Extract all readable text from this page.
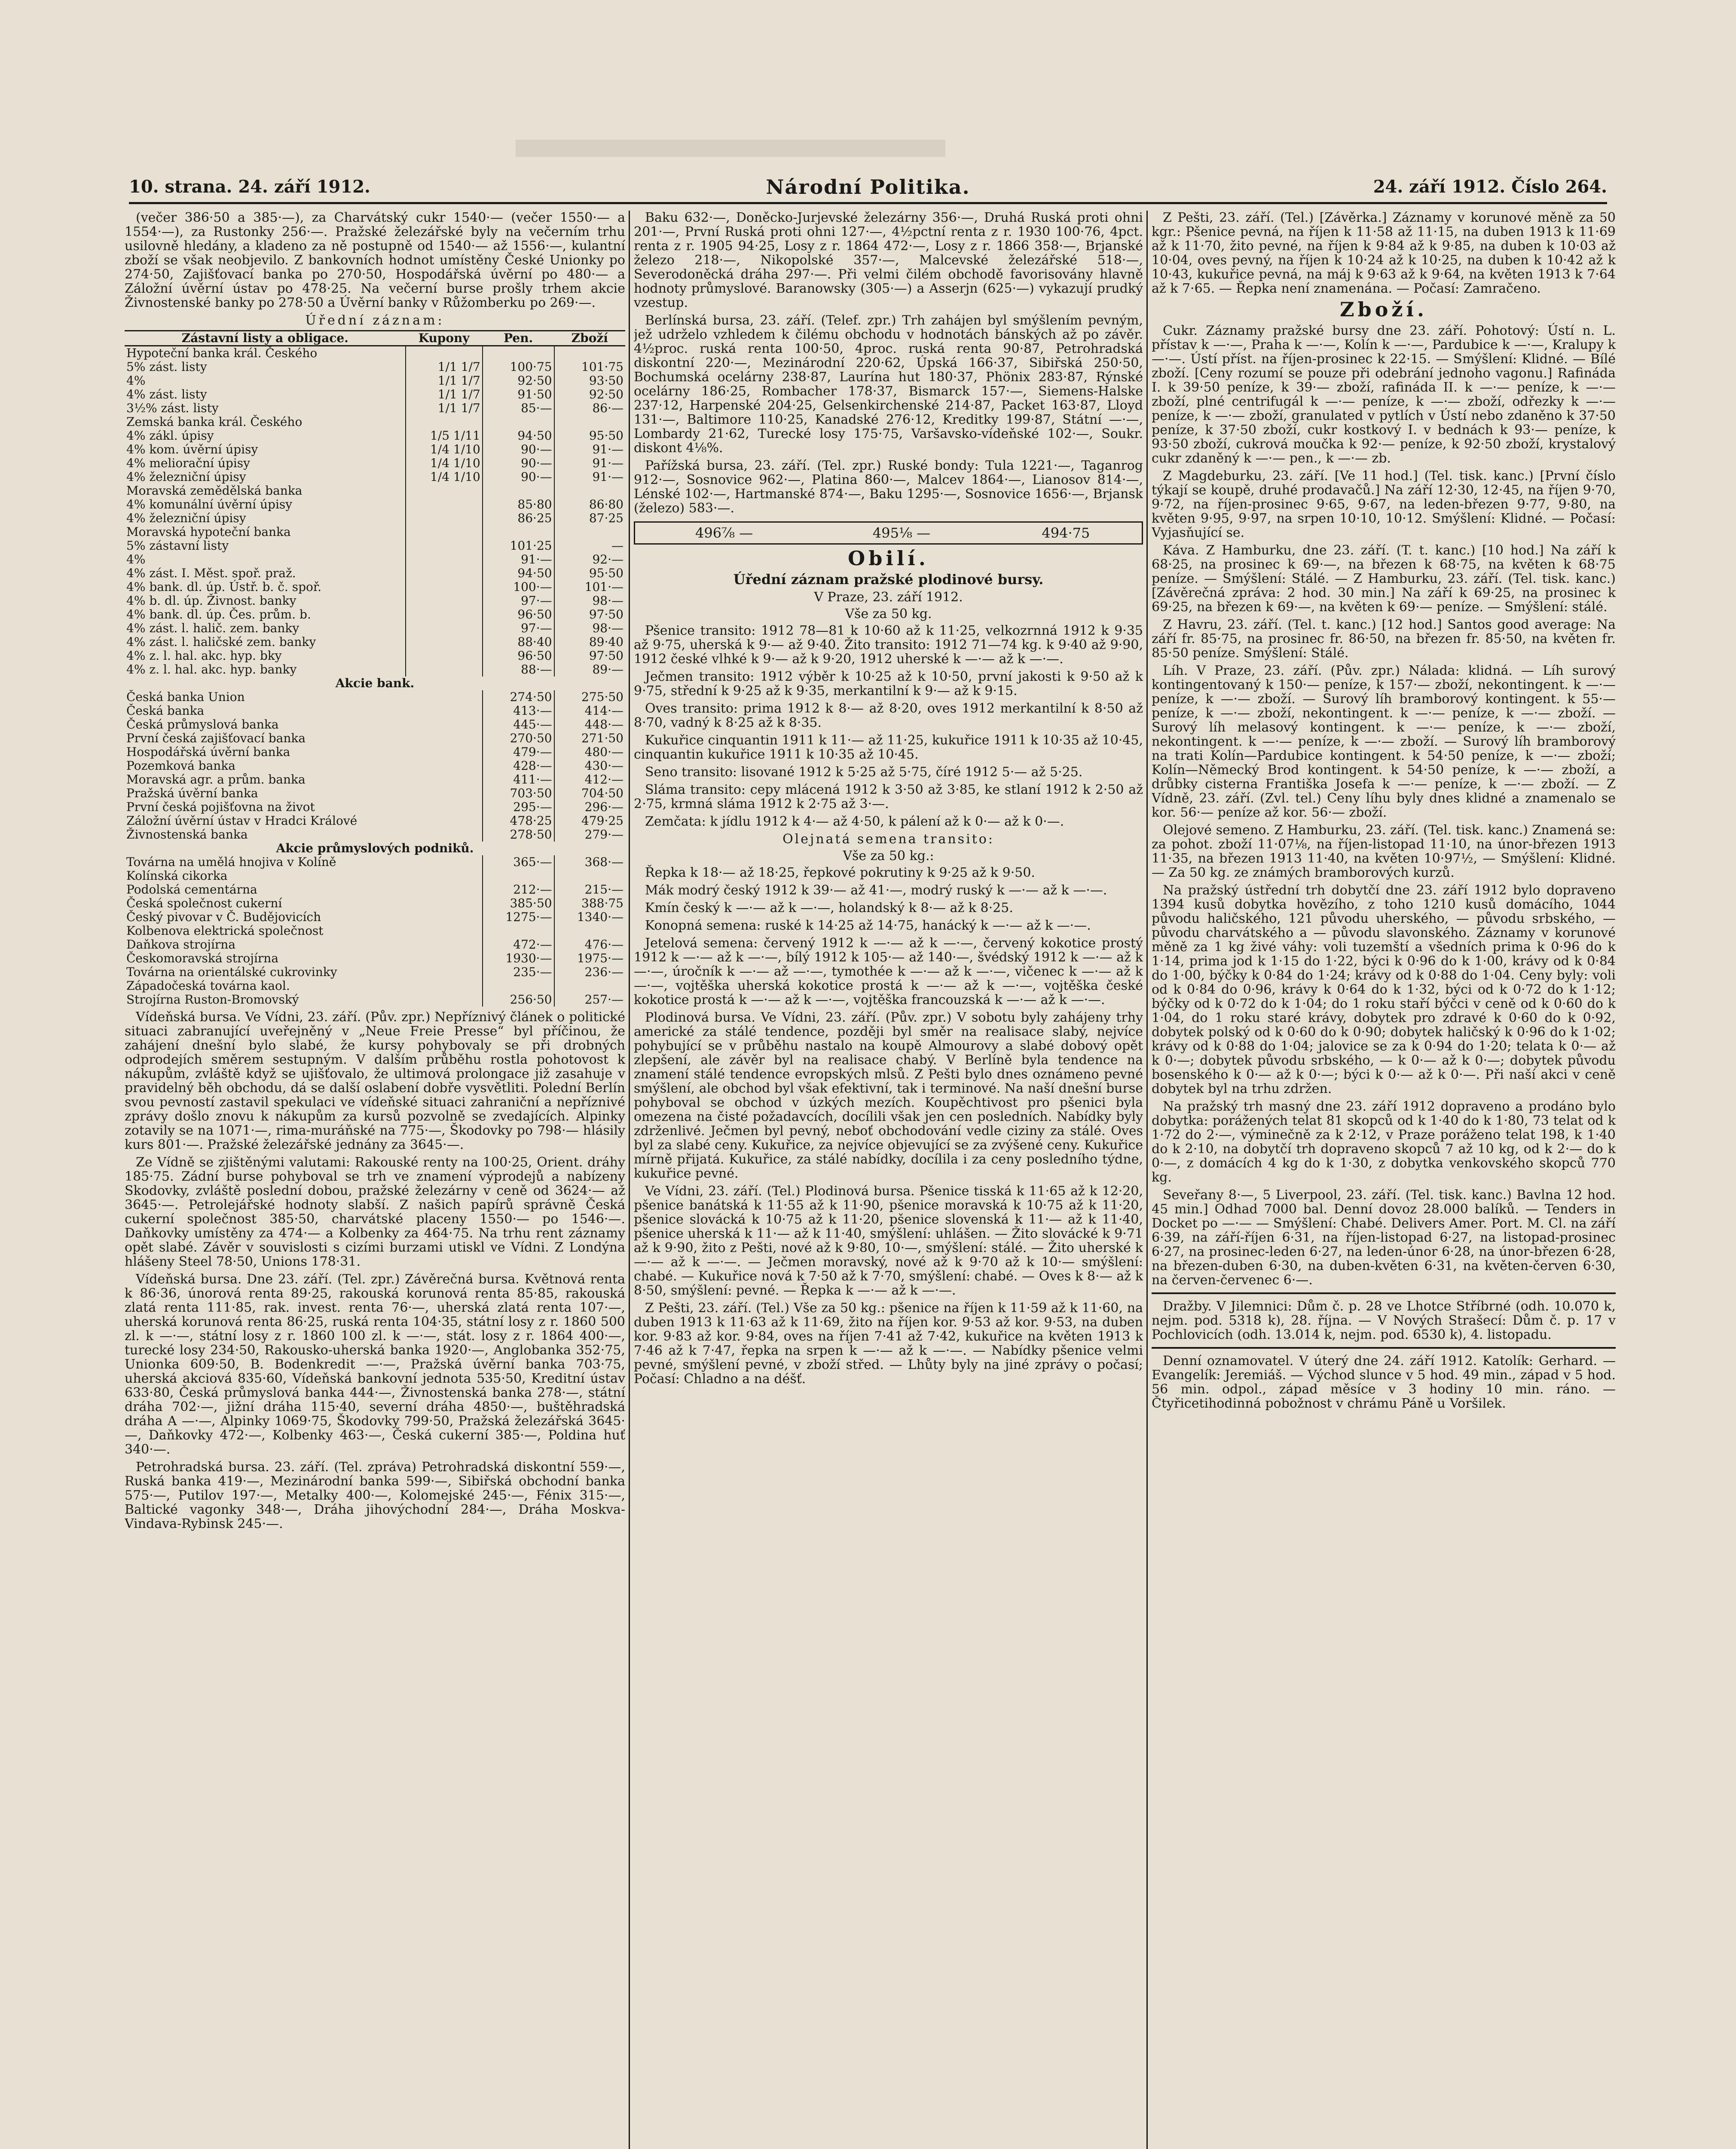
10. strana. 24. září 1912.	Národní Politika.	24. září 1912. Číslo 264.

(večer 386·50 a 385·—), za Charvátský cukr 1540·— (večer 1550·— a 1554·—), za Rustonky 256·—. Pražské železářské byly na večerním trhu usilovně hledány, a kladeno za ně postupně od 1540·— až 1556·—, kulantní zboží se však neobjevilo. Z bankovních hodnot umístěny České Unionky po 274·50, Zajišťovací banka po 270·50, Hospodářská úvěrní po 480·— a Záložní úvěrní ústav po 478·25. Na večerní burse prošly trhem akcie Živnostenské banky po 278·50 a Úvěrní banky v Růžomberku po 269·—.

Úřední záznam:
Zástavní listy a obligace.	Kupony	Pen.	Zboží
Hypoteční banka král. Českého			
5% zást. listy	1/1 1/7	100·75	101·75
4%	1/1 1/7	92·50	93·50
4% zást. listy	1/1 1/7	91·50	92·50
3½% zást. listy	1/1 1/7	85·—	86·—
Zemská banka král. Českého			
4% zákl. úpisy	1/5 1/11	94·50	95·50
4% kom. úvěrní úpisy	1/4 1/10	90·—	91·—
4% meliorační úpisy	1/4 1/10	90·—	91·—
4% železniční úpisy	1/4 1/10	90·—	91·—
Moravská zemědělská banka			
4% komunální úvěrní úpisy		85·80	86·80
4% železniční úpisy		86·25	87·25
Moravská hypoteční banka			
5% zástavní listy		101·25	—
4%		91·—	92·—
4% zást. I. Měst. spoř. praž.		94·50	95·50
4% bank. dl. úp. Ústř. b. č. spoř.		100·—	101·—
4% b. dl. úp. Živnost. banky		97·—	98·—
4% bank. dl. úp. Čes. prům. b.		96·50	97·50
4% zást. l. halič. zem. banky		97·—	98·—
4% zást. l. haličské zem. banky		88·40	89·40
4% z. l. hal. akc. hyp. bky		96·50	97·50
4% z. l. hal. akc. hyp. banky		88·—	89·—
Akcie bank.			
Česká banka Union		274·50	275·50
Česká banka		413·—	414·—
Česká průmyslová banka		445·—	448·—
První česká zajišťovací banka		270·50	271·50
Hospodářská úvěrní banka		479·—	480·—
Pozemková banka		428·—	430·—
Moravská agr. a prům. banka		411·—	412·—
Pražská úvěrní banka		703·50	704·50
První česká pojišťovna na život		295·—	296·—
Záložní úvěrní ústav v Hradci Králové		478·25	479·25
Živnostenská banka		278·50	279·—
Akcie průmyslových podniků.			
Továrna na umělá hnojiva v Kolíně		365·—	368·—
Kolínská cikorka			
Podolská cementárna		212·—	215·—
Česká společnost cukerní		385·50	388·75
Český pivovar v Č. Budějovicích		1275·—	1340·—
Kolbenova elektrická společnost			
Daňkova strojírna		472·—	476·—
Českomoravská strojírna		1930·—	1975·—
Továrna na orientálské cukrovinky		235·—	236·—
Západočeská továrna kaol.			
Strojírna Ruston-Bromovský		256·50	257·—

Vídeňská bursa. Ve Vídni, 23. září. (Pův. zpr.) Nepříznivý článek o politické situaci zabranující uveřejněný v „Neue Freie Presse“ byl příčinou, že zahájení dnešní bylo slabé, že kursy pohybovaly se při drobných odprodejích směrem sestupným. V dalším průběhu rostla pohotovost k nákupům, zvláště když se ujišťovalo, že ultimová prolongace již zasahuje v pravidelný běh obchodu, dá se další oslabení dobře vysvětliti. Polední Berlín svou pevností zastavil spekulaci ve vídeňské situaci zahraniční a nepříznivé zprávy došlo znovu k nákupům za kursů pozvolně se zvedajících. Alpinky zotavily se na 1071·—, rima-muráňské na 775·—, Škodovky po 798·— hlásily kurs 801·—. Pražské železářské jednány za 3645·—.

Ze Vídně se zjištěnými valutami: Rakouské renty na 100·25, Orient. dráhy 185·75. Zádní burse pohyboval se trh ve znamení výprodejů a nabízeny Skodovky, zvláště poslední dobou, pražské železárny v ceně od 3624·— až 3645·—. Petrolejářské hodnoty slabší. Z našich papírů správně Česká cukerní společnost 385·50, charvátské placeny 1550·— po 1546·—. Daňkovky umístěny za 474·— a Kolbenky za 464·75. Na trhu rent záznamy opět slabé. Závěr v souvislosti s cizími burzami utiskl ve Vídni. Z Londýna hlášeny Steel 78·50, Unions 178·31.

Vídeňská bursa. Dne 23. září. (Tel. zpr.) Závěrečná bursa. Květnová renta k 86·36, únorová renta 89·25, rakouská korunová renta 85·85, rakouská zlatá renta 111·85, rak. invest. renta 76·—, uherská zlatá renta 107·—, uherská korunová renta 86·25, ruská renta 104·35, státní losy z r. 1860 500 zl. k —·—, státní losy z r. 1860 100 zl. k —·—, stát. losy z r. 1864 400·—, turecké losy 234·50, Rakousko-uherská banka 1920·—, Anglobanka 352·75, Unionka 609·50, B. Bodenkredit —·—, Pražská úvěrní banka 703·75, uherská akciová 835·60, Vídeňská bankovní jednota 535·50, Kreditní ústav 633·80, Česká průmyslová banka 444·—, Živnostenská banka 278·—, státní dráha 702·—, jižní dráha 115·40, severní dráha 4850·—, buštěhradská dráha A —·—, Alpinky 1069·75, Škodovky 799·50, Pražská železářská 3645·—, Daňkovky 472·—, Kolbenky 463·—, Česká cukerní 385·—, Poldina huť 340·—.

Petrohradská bursa. 23. září. (Tel. zpráva) Petrohradská diskontní 559·—, Ruská banka 419·—, Mezinárodní banka 599·—, Sibiřská obchodní banka 575·—, Putilov 197·—, Metalky 400·—, Kolomejské 245·—, Fénix 315·—, Baltické vagonky 348·—, Dráha jihovýchodní 284·—, Dráha Moskva-Vindava-Rybinsk 245·—.

Baku 632·—, Doněcko-Jurjevské železárny 356·—, Druhá Ruská proti ohni 201·—, První Ruská proti ohni 127·—, 4½pctní renta z r. 1930 100·76, 4pct. renta z r. 1905 94·25, Losy z r. 1864 472·—, Losy z r. 1866 358·—, Brjanské železo 218·—, Nikopolské 357·—, Malcevské železářské 518·—, Severodoněcká dráha 297·—. Při velmi čilém obchodě favorisovány hlavně hodnoty průmyslové. Baranowsky (305·—) a Asserjn (625·—) vykazují prudký vzestup.

Berlínská bursa, 23. září. (Telef. zpr.) Trh zahájen byl smýšlením pevným, jež udrželo vzhledem k čilému obchodu v hodnotách bánských až po závěr. 4½proc. ruská renta 100·50, 4proc. ruská renta 90·87, Petrohradská diskontní 220·—, Mezinárodní 220·62, Úpská 166·37, Sibiřská 250·50, Bochumská ocelárny 238·87, Laurína hut 180·37, Phönix 283·87, Rýnské ocelárny 186·25, Rombacher 178·37, Bismarck 157·—, Siemens-Halske 237·12, Harpenské 204·25, Gelsenkirchenské 214·87, Packet 163·87, Lloyd 131·—, Baltimore 110·25, Kanadské 276·12, Kreditky 199·87, Státní —·—, Lombardy 21·62, Turecké losy 175·75, Varšavsko-vídeňské 102·—, Soukr. diskont 4⅛%.

Pařížská bursa, 23. září. (Tel. zpr.) Ruské bondy: Tula 1221·—, Taganrog 912·—, Sosnovice 962·—, Platina 860·—, Malcev 1864·—, Lianosov 814·—, Lénské 102·—, Hartmanské 874·—, Baku 1295·—, Sosnovice 1656·—, Brjansk (železo) 583·—.

496⅞ —	495⅛ —	494·75
Obilí.
Úřední záznam pražské plodinové bursy.
V Praze, 23. září 1912.
Vše za 50 kg.

Pšenice transito: 1912 78—81 k 10·60 až k 11·25, velkozrnná 1912 k 9·35 až 9·75, uherská k 9·— až 9·40. Žito transito: 1912 71—74 kg. k 9·40 až 9·90, 1912 české vlhké k 9·— až k 9·20, 1912 uherské k —·— až k —·—.

Ječmen transito: 1912 výběr k 10·25 až k 10·50, první jakosti k 9·50 až k 9·75, střední k 9·25 až k 9·35, merkantilní k 9·— až k 9·15.

Oves transito: prima 1912 k 8·— až 8·20, oves 1912 merkantilní k 8·50 až 8·70, vadný k 8·25 až k 8·35.

Kukuřice cinquantin 1911 k 11·— až 11·25, kukuřice 1911 k 10·35 až 10·45, cinquantin kukuřice 1911 k 10·35 až 10·45.

Seno transito: lisované 1912 k 5·25 až 5·75, číré 1912 5·— až 5·25.

Sláma transito: cepy mlácená 1912 k 3·50 až 3·85, ke stlaní 1912 k 2·50 až 2·75, krmná sláma 1912 k 2·75 až 3·—.

Zemčata: k jídlu 1912 k 4·— až 4·50, k pálení až k 0·— až k 0·—.

Olejnatá semena transito:
Vše za 50 kg.:

Řepka k 18·— až 18·25, řepkové pokrutiny k 9·25 až k 9·50.

Mák modrý český 1912 k 39·— až 41·—, modrý ruský k —·— až k —·—.

Kmín český k —·— až k —·—, holandský k 8·— až k 8·25.

Konopná semena: ruské k 14·25 až 14·75, hanácký k —·— až k —·—.

Jetelová semena: červený 1912 k —·— až k —·—, červený kokotice prostý 1912 k —·— až k —·—, bílý 1912 k 105·— až 140·—, švédský 1912 k —·— až k —·—, úročník k —·— až —·—, tymothée k —·— až k —·—, vičenec k —·— až k —·—, vojtěška uherská kokotice prostá k —·— až k —·—, vojtěška české kokotice prostá k —·— až k —·—, vojtěška francouzská k —·— až k —·—.

Plodinová bursa. Ve Vídni, 23. září. (Pův. zpr.) V sobotu byly zahájeny trhy americké za stálé tendence, později byl směr na realisace slabý, nejvíce pohybující se v průběhu nastalo na koupě Almourovy a slabé dobový opět zlepšení, ale závěr byl na realisace chabý. V Berlíně byla tendence na znamení stálé tendence evropských mlsů. Z Pešti bylo dnes oznámeno pevné smýšlení, ale obchod byl však efektivní, tak i terminové. Na naší dnešní burse pohyboval se obchod v úzkých mezích. Koupěchtivost pro pšenici byla omezena na čisté požadavcích, docílili však jen cen posledních. Nabídky byly zdrženlivé. Ječmen byl pevný, neboť obchodování vedle ciziny za stálé. Oves byl za slabé ceny. Kukuřice, za nejvíce objevující se za zvýšené ceny. Kukuřice mírně přijatá. Kukuřice, za stálé nabídky, docílila i za ceny posledního týdne, kukuřice pevné.

Ve Vídni, 23. září. (Tel.) Plodinová bursa. Pšenice tisská k 11·65 až k 12·20, pšenice banátská k 11·55 až k 11·90, pšenice moravská k 10·75 až k 11·20, pšenice slovácká k 10·75 až k 11·20, pšenice slovenská k 11·— až k 11·40, pšenice uherská k 11·— až k 11·40, smýšlení: uhlášen. — Žito slovácké k 9·71 až k 9·90, žito z Pešti, nové až k 9·80, 10·—, smýšlení: stálé. — Žito uherské k —·— až k —·—. — Ječmen moravský, nové až k 9·70 až k 10·— smýšlení: chabé. — Kukuřice nová k 7·50 až k 7·70, smýšlení: chabé. — Oves k 8·— až k 8·50, smýšlení: pevné. — Řepka k —·— až k —·—.

Z Pešti, 23. září. (Tel.) Vše za 50 kg.: pšenice na říjen k 11·59 až k 11·60, na duben 1913 k 11·63 až k 11·69, žito na říjen kor. 9·53 až kor. 9·53, na duben kor. 9·83 až kor. 9·84, oves na říjen 7·41 až 7·42, kukuřice na květen 1913 k 7·46 až k 7·47, řepka na srpen k —·— až k —·—. — Nabídky pšenice velmi pevné, smýšlení pevné, v zboží střed. — Lhůty byly na jiné zprávy o počasí; Počasí: Chladno a na déšť.

Z Pešti, 23. září. (Tel.) [Závěrka.] Záznamy v korunové měně za 50 kgr.: Pšenice pevná, na říjen k 11·58 až 11·15, na duben 1913 k 11·69 až k 11·70, žito pevné, na říjen k 9·84 až k 9·85, na duben k 10·03 až 10·04, oves pevný, na říjen k 10·24 až k 10·25, na duben k 10·42 až k 10·43, kukuřice pevná, na máj k 9·63 až k 9·64, na květen 1913 k 7·64 až k 7·65. — Řepka není znamenána. — Počasí: Zamračeno.

Zboží.

Cukr. Záznamy pražské bursy dne 23. září. Pohotový: Ústí n. L. přístav k —·—, Praha k —·—, Kolín k —·—, Pardubice k —·—, Kralupy k —·—. Ústí příst. na říjen-prosinec k 22·15. — Smýšlení: Klidné. — Bílé zboží. [Ceny rozumí se pouze při odebrání jednoho vagonu.] Rafináda I. k 39·50 peníze, k 39·— zboží, rafináda II. k —·— peníze, k —·— zboží, plné centrifugál k —·— peníze, k —·— zboží, odřezky k —·— peníze, k —·— zboží, granulated v pytlích v Ústí nebo zdaněno k 37·50 peníze, k 37·50 zboží, cukr kostkový I. v bednách k 93·— peníze, k 93·50 zboží, cukrová moučka k 92·— peníze, k 92·50 zboží, krystalový cukr zdaněný k —·— pen., k —·— zb.

Z Magdeburku, 23. září. [Ve 11 hod.] (Tel. tisk. kanc.) [První číslo týkají se koupě, druhé prodavačů.] Na září 12·30, 12·45, na říjen 9·70, 9·72, na říjen-prosinec 9·65, 9·67, na leden-březen 9·77, 9·80, na květen 9·95, 9·97, na srpen 10·10, 10·12. Smýšlení: Klidné. — Počasí: Vyjasňující se.

Káva. Z Hamburku, dne 23. září. (T. t. kanc.) [10 hod.] Na září k 68·25, na prosinec k 69·—, na březen k 68·75, na květen k 68·75 peníze. — Smýšlení: Stálé. — Z Hamburku, 23. září. (Tel. tisk. kanc.) [Závěrečná zpráva: 2 hod. 30 min.] Na září k 69·25, na prosinec k 69·25, na březen k 69·—, na květen k 69·— peníze. — Smýšlení: stálé.

Z Havru, 23. září. (Tel. t. kanc.) [12 hod.] Santos good average: Na září fr. 85·75, na prosinec fr. 86·50, na březen fr. 85·50, na květen fr. 85·50 peníze. Smýšlení: Stálé.

Líh. V Praze, 23. září. (Pův. zpr.) Nálada: klidná. — Líh surový kontingentovaný k 150·— peníze, k 157·— zboží, nekontingent. k —·— peníze, k —·— zboží. — Surový líh bramborový kontingent. k 55·— peníze, k —·— zboží, nekontingent. k —·— peníze, k —·— zboží. — Surový líh melasový kontingent. k —·— peníze, k —·— zboží, nekontingent. k —·— peníze, k —·— zboží. — Surový líh bramborový na trati Kolín—Pardubice kontingent. k 54·50 peníze, k —·— zboží; Kolín—Německý Brod kontingent. k 54·50 peníze, k —·— zboží, a drůbky cisterna Františka Josefa k —·— peníze, k —·— zboží. — Z Vídně, 23. září. (Zvl. tel.) Ceny líhu byly dnes klidné a znamenalo se kor. 56·— peníze až kor. 56·— zboží.

Olejové semeno. Z Hamburku, 23. září. (Tel. tisk. kanc.) Znamená se: za pohot. zboží 11·07⅛, na říjen-listopad 11·10, na únor-březen 1913 11·35, na březen 1913 11·40, na květen 10·97½, — Smýšlení: Klidné. — Za 50 kg. ze známých bramborových kurzů.

Na pražský ústřední trh dobytčí dne 23. září 1912 bylo dopraveno 1394 kusů dobytka hovězího, z toho 1210 kusů domácího, 1044 původu haličského, 121 původu uherského, — původu srbského, — původu charvátského a — původu slavonského. Záznamy v korunové měně za 1 kg živé váhy: voli tuzemští a všedních prima k 0·96 do k 1·14, prima jod k 1·15 do 1·22, býci k 0·96 do k 1·00, krávy od k 0·84 do 1·00, býčky k 0·84 do 1·24; krávy od k 0·88 do 1·04. Ceny byly: voli od k 0·84 do 0·96, krávy k 0·64 do k 1·32, býci od k 0·72 do k 1·12; býčky od k 0·72 do k 1·04; do 1 roku staří býčci v ceně od k 0·60 do k 1·04, do 1 roku staré krávy, dobytek pro zdravé k 0·60 do k 0·92, dobytek polský od k 0·60 do k 0·90; dobytek haličský k 0·96 do k 1·02; krávy od k 0·88 do 1·04; jalovice se za k 0·94 do 1·20; telata k 0·— až k 0·—; dobytek původu srbského, — k 0·— až k 0·—; dobytek původu bosenského k 0·— až k 0·—; býci k 0·— až k 0·—. Při naší akci v ceně dobytek byl na trhu zdržen.

Na pražský trh masný dne 23. září 1912 dopraveno a prodáno bylo dobytka: porážených telat 81 skopců od k 1·40 do k 1·80, 73 telat od k 1·72 do 2·—, výminečně za k 2·12, v Praze poráženo telat 198, k 1·40 do k 2·10, na dobytčí trh dopraveno skopců 7 až 10 kg, od k 2·— do k 0·—, z domácích 4 kg do k 1·30, z dobytka venkovského skopců 770 kg.

Seveřany 8·—, 5 Liverpool, 23. září. (Tel. tisk. kanc.) Bavlna 12 hod. 45 min.] Odhad 7000 bal. Denní dovoz 28.000 balíků. — Tenders in Docket po —·— — Smýšlení: Chabé. Delivers Amer. Port. M. Cl. na září 6·39, na září-říjen 6·31, na říjen-listopad 6·27, na listopad-prosinec 6·27, na prosinec-leden 6·27, na leden-únor 6·28, na únor-březen 6·28, na březen-duben 6·30, na duben-květen 6·31, na květen-červen 6·30, na červen-červenec 6·—.

Dražby. V Jilemnici: Dům č. p. 28 ve Lhotce Stříbrné (odh. 10.070 k, nejm. pod. 5318 k), 28. října. — V Nových Strašecí: Dům č. p. 17 v Pochlovicích (odh. 13.014 k, nejm. pod. 6530 k), 4. listopadu.

Denní oznamovatel. V úterý dne 24. září 1912. Katolík: Gerhard. — Evangelík: Jeremiáš. — Východ slunce v 5 hod. 49 min., západ v 5 hod. 56 min. odpol., západ měsíce v 3 hodiny 10 min. ráno. — Čtyřicetihodinná pobožnost v chrámu Páně u Voršilek.
